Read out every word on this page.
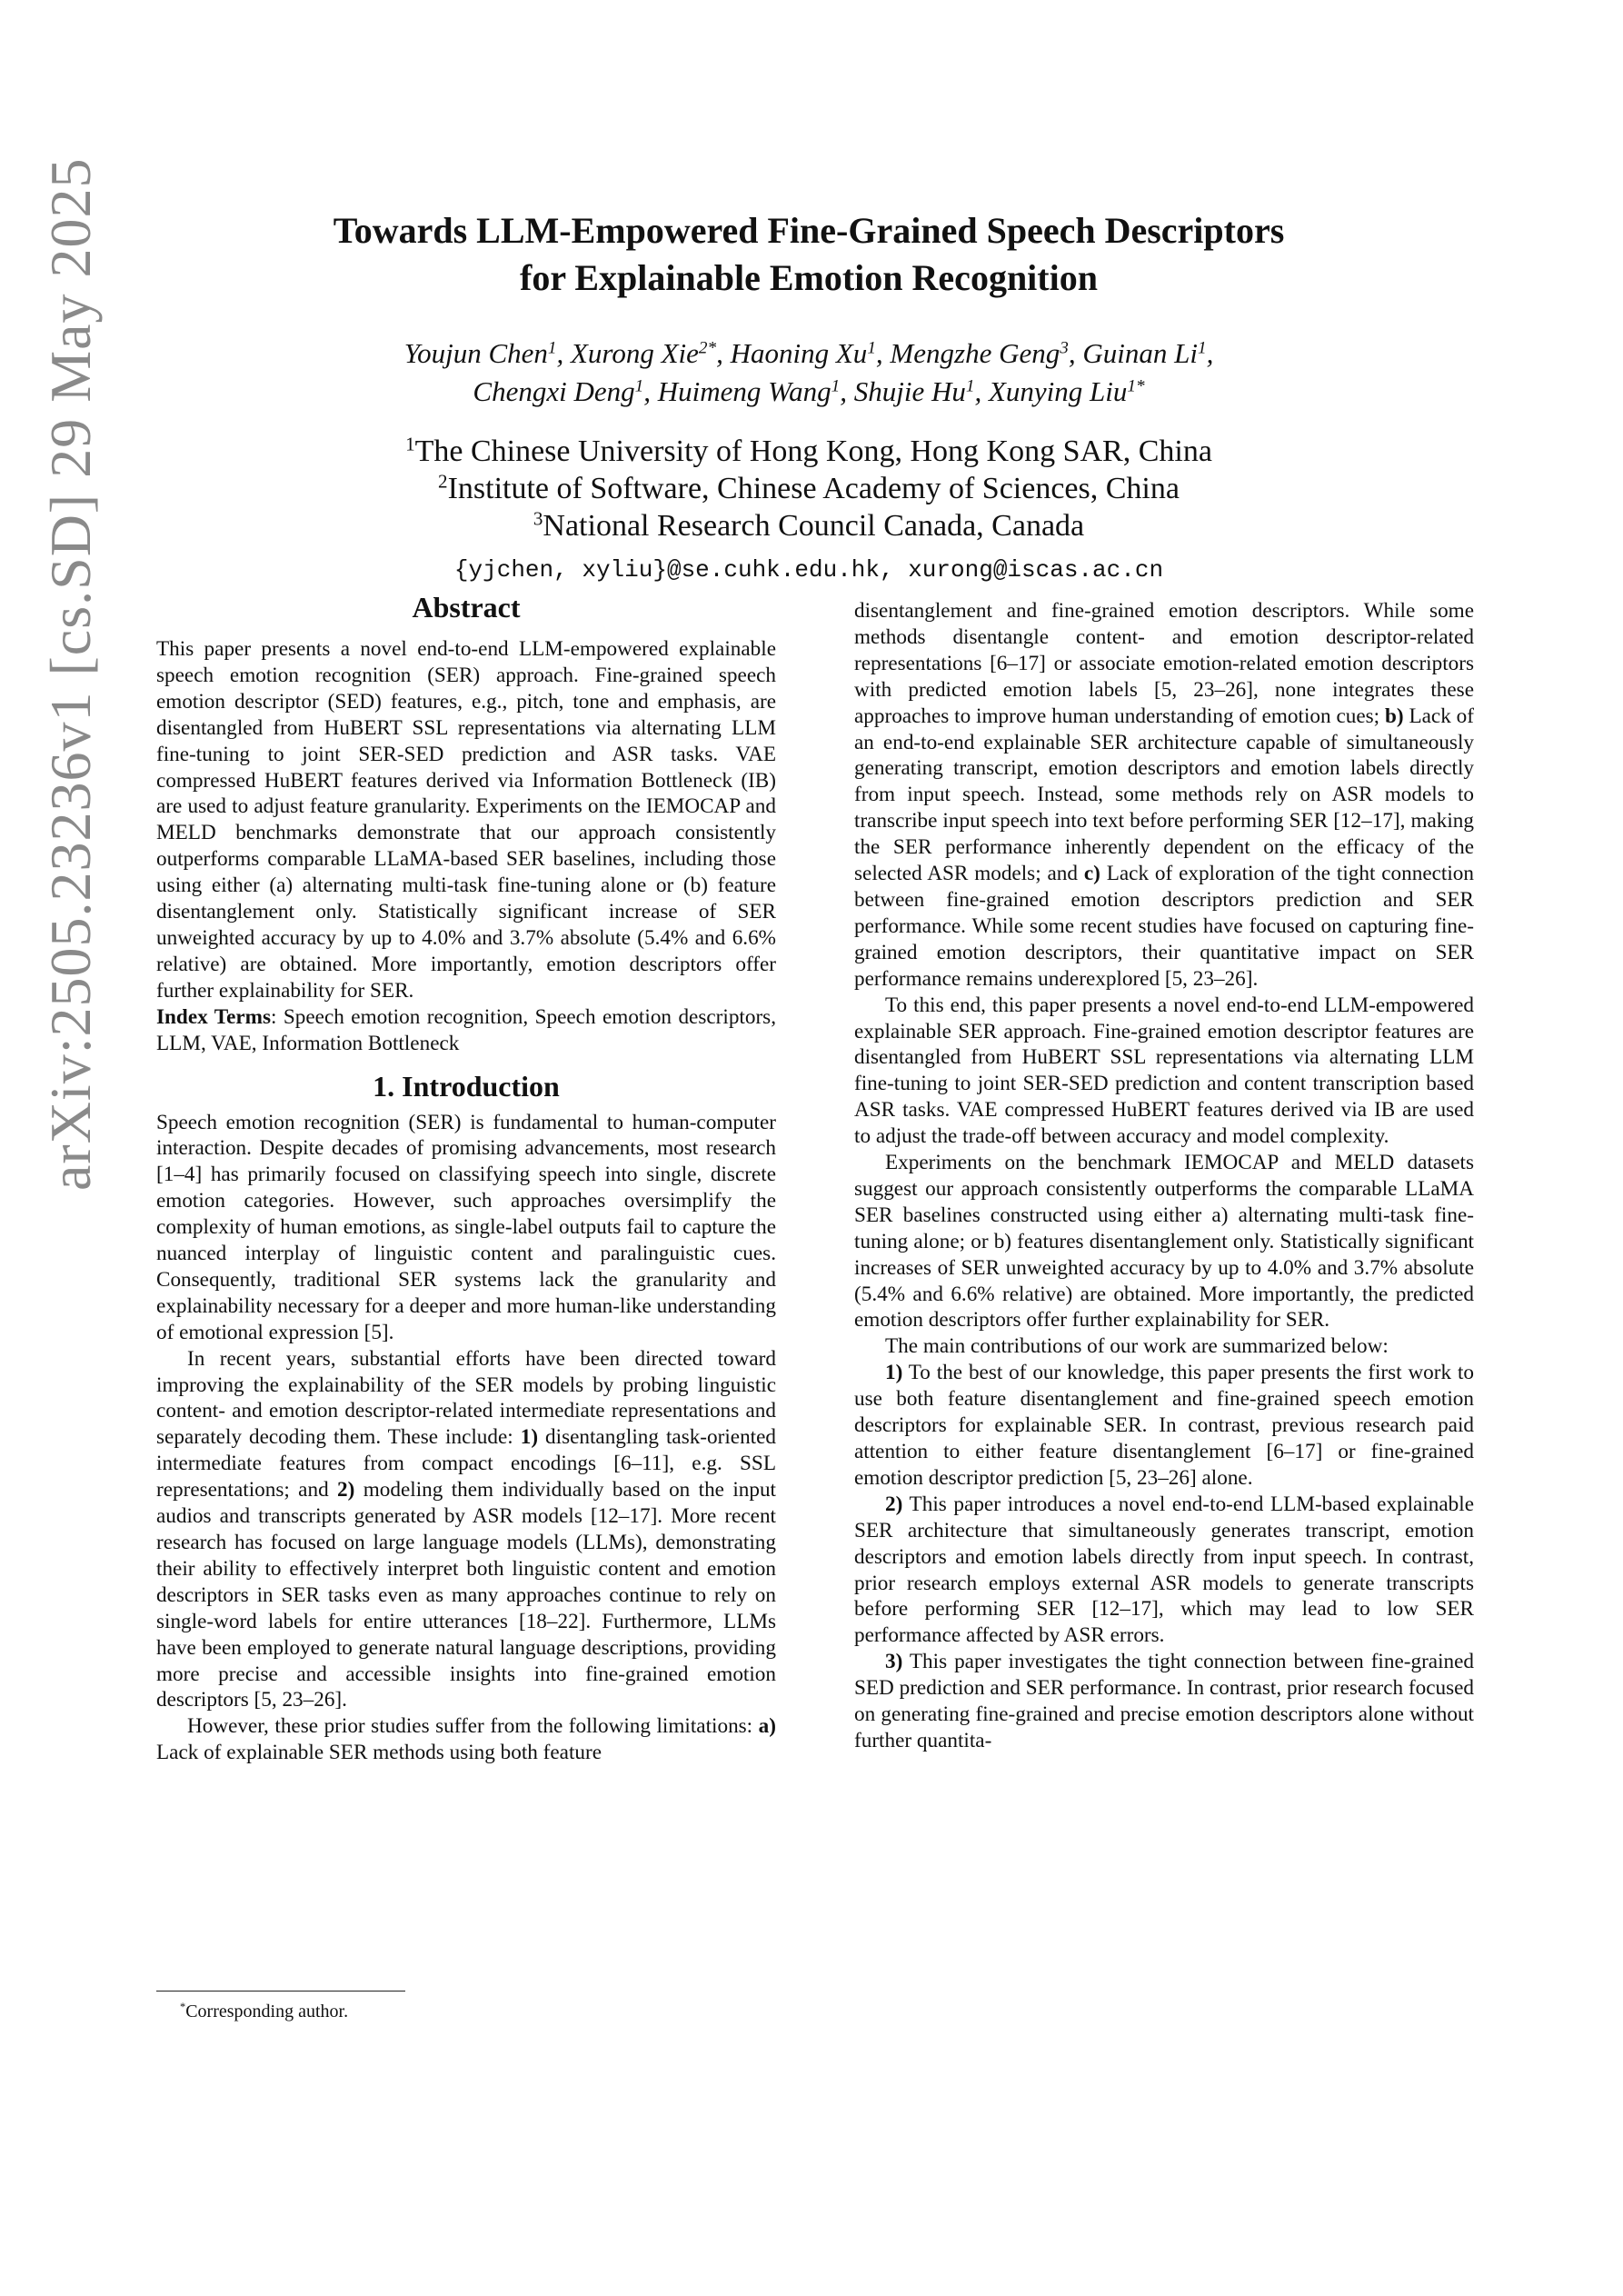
arXiv:2505.23236v1 [cs.SD] 29 May 2025	Towards LLM-Empowered Fine-Grained Speech Descriptors
for Explainable Emotion Recognition
Youjun Chen$^1$, Xurong Xie$^{2*}$, Haoning Xu$^1$, Mengzhe Geng$^3$, Guinan Li$^1$,
Chengxi Deng$^1$, Huimeng Wang$^1$, Shujie Hu$^1$, Xunying Liu$^{1*}$
$^1$The Chinese University of Hong Kong, Hong Kong SAR, China
$^2$Institute of Software, Chinese Academy of Sciences, China
$^3$National Research Council Canada, Canada
{yjchen, xyliu}@se.cuhk.edu.hk, xurong@iscas.ac.cn
Abstract

This paper presents a novel end-to-end LLM-empowered explainable speech emotion recognition (SER) approach. Fine-grained speech emotion descriptor (SED) features, e.g., pitch, tone and emphasis, are disentangled from HuBERT SSL representations via alternating LLM fine-tuning to joint SER-SED prediction and ASR tasks. VAE compressed HuBERT features derived via Information Bottleneck (IB) are used to adjust feature granularity. Experiments on the IEMOCAP and MELD benchmarks demonstrate that our approach consistently outperforms comparable LLaMA-based SER baselines, including those using either (a) alternating multi-task fine-tuning alone or (b) feature disentanglement only. Statistically significant increase of SER unweighted accuracy by up to 4.0% and 3.7% absolute (5.4% and 6.6% relative) are obtained. More importantly, emotion descriptors offer further explainability for SER.

Index Terms: Speech emotion recognition, Speech emotion descriptors, LLM, VAE, Information Bottleneck

1. Introduction

Speech emotion recognition (SER) is fundamental to human-computer interaction. Despite decades of promising advancements, most research [1–4] has primarily focused on classifying speech into single, discrete emotion categories. However, such approaches oversimplify the complexity of human emotions, as single-label outputs fail to capture the nuanced interplay of linguistic content and paralinguistic cues. Consequently, traditional SER systems lack the granularity and explainability necessary for a deeper and more human-like understanding of emotional expression [5].

In recent years, substantial efforts have been directed toward improving the explainability of the SER models by probing linguistic content- and emotion descriptor-related intermediate representations and separately decoding them. These include: 1) disentangling task-oriented intermediate features from compact encodings [6–11], e.g. SSL representations; and 2) modeling them individually based on the input audios and transcripts generated by ASR models [12–17]. More recent research has focused on large language models (LLMs), demonstrating their ability to effectively interpret both linguistic content and emotion descriptors in SER tasks even as many approaches continue to rely on single-word labels for entire utterances [18–22]. Furthermore, LLMs have been employed to generate natural language descriptions, providing more precise and accessible insights into fine-grained emotion descriptors [5, 23–26].

However, these prior studies suffer from the following limitations: a) Lack of explainable SER methods using both feature

disentanglement and fine-grained emotion descriptors. While some methods disentangle content- and emotion descriptor-related representations [6–17] or associate emotion-related emotion descriptors with predicted emotion labels [5, 23–26], none integrates these approaches to improve human understanding of emotion cues; b) Lack of an end-to-end explainable SER architecture capable of simultaneously generating transcript, emotion descriptors and emotion labels directly from input speech. Instead, some methods rely on ASR models to transcribe input speech into text before performing SER [12–17], making the SER performance inherently dependent on the efficacy of the selected ASR models; and c) Lack of exploration of the tight connection between fine-grained emotion descriptors prediction and SER performance. While some recent studies have focused on capturing fine-grained emotion descriptors, their quantitative impact on SER performance remains underexplored [5, 23–26].

To this end, this paper presents a novel end-to-end LLM-empowered explainable SER approach. Fine-grained emotion descriptor features are disentangled from HuBERT SSL representations via alternating LLM fine-tuning to joint SER-SED prediction and content transcription based ASR tasks. VAE compressed HuBERT features derived via IB are used to adjust the trade-off between accuracy and model complexity.

Experiments on the benchmark IEMOCAP and MELD datasets suggest our approach consistently outperforms the comparable LLaMA SER baselines constructed using either a) alternating multi-task fine-tuning alone; or b) features disentanglement only. Statistically significant increases of SER unweighted accuracy by up to 4.0% and 3.7% absolute (5.4% and 6.6% relative) are obtained. More importantly, the predicted emotion descriptors offer further explainability for SER.

The main contributions of our work are summarized below:

1) To the best of our knowledge, this paper presents the first work to use both feature disentanglement and fine-grained speech emotion descriptors for explainable SER. In contrast, previous research paid attention to either feature disentanglement [6–17] or fine-grained emotion descriptor prediction [5, 23–26] alone.

2) This paper introduces a novel end-to-end LLM-based explainable SER architecture that simultaneously generates transcript, emotion descriptors and emotion labels directly from input speech. In contrast, prior research employs external ASR models to generate transcripts before performing SER [12–17], which may lead to low SER performance affected by ASR errors.

3) This paper investigates the tight connection between fine-grained SED prediction and SER performance. In contrast, prior research focused on generating fine-grained and precise emotion descriptors alone without further quantita-

*Corresponding author.
